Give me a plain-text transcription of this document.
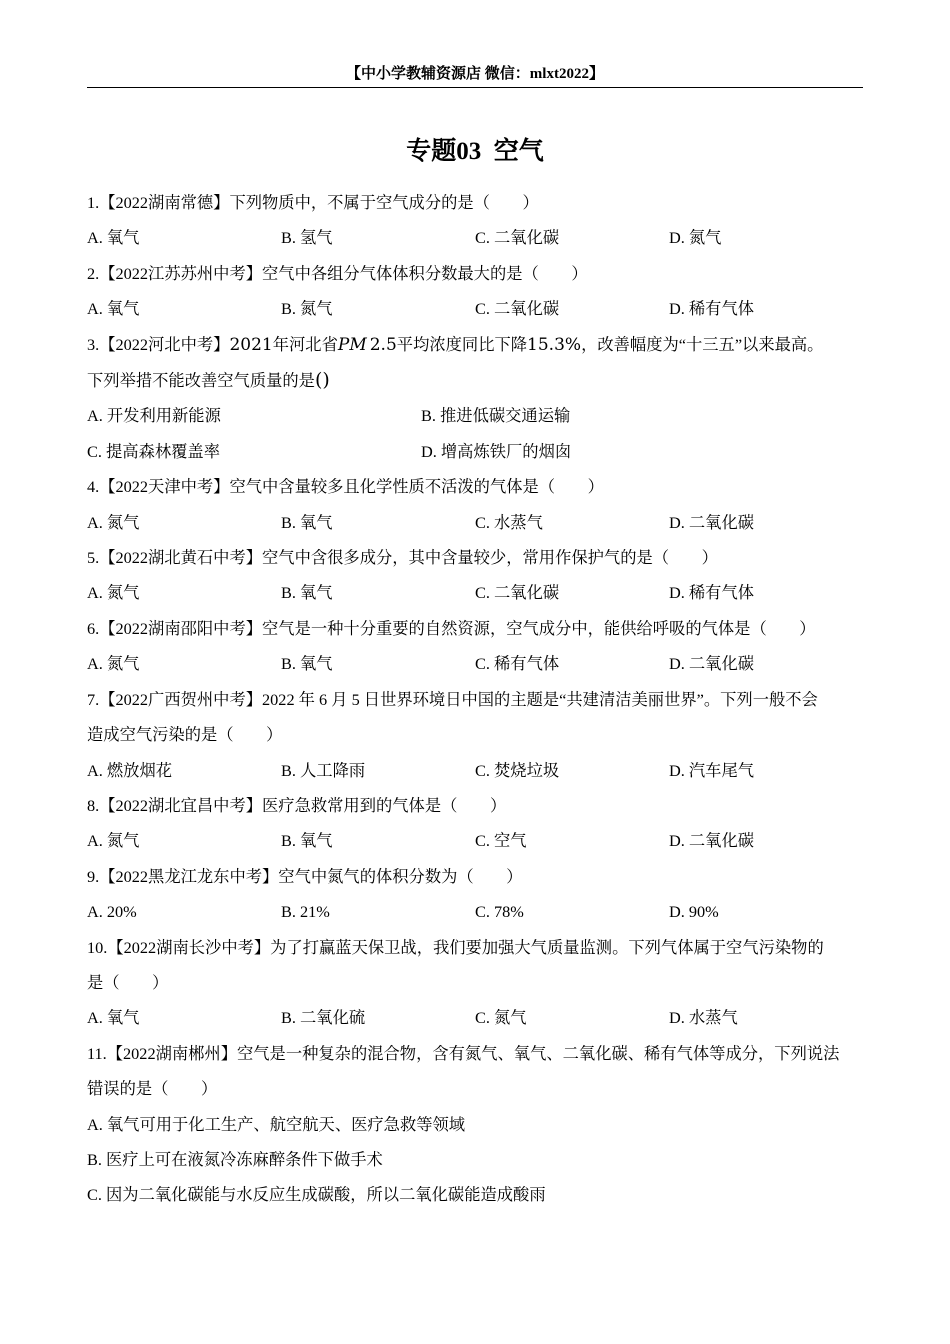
【中小学教辅资源店 微信：mlxt2022】
专题03  空气
1.【2022湖南常德】下列物质中，不属于空气成分的是（　　）
A. 氧气	B. 氢气	C. 二氧化碳	D. 氮气
2.【2022江苏苏州中考】空气中各组分气体体积分数最大的是（　　）
A. 氧气	B. 氮气	C. 二氧化碳	D. 稀有气体
3.【2022河北中考】2021年河北省PM 2.5平均浓度同比下降15.3%，改善幅度为“十三五”以来最高。
下列举措不能改善空气质量的是()
A. 开发利用新能源	B. 推进低碳交通运输
C. 提高森林覆盖率	D. 增高炼铁厂的烟囱
4.【2022天津中考】空气中含量较多且化学性质不活泼的气体是（　　）
A. 氮气	B. 氧气	C. 水蒸气	D. 二氧化碳
5.【2022湖北黄石中考】空气中含很多成分，其中含量较少，常用作保护气的是（　　）
A. 氮气	B. 氧气	C. 二氧化碳	D. 稀有气体
6.【2022湖南邵阳中考】空气是一种十分重要的自然资源，空气成分中，能供给呼吸的气体是（　　）
A. 氮气	B. 氧气	C. 稀有气体	D. 二氧化碳
7.【2022广西贺州中考】2022 年 6 月 5 日世界环境日中国的主题是“共建清洁美丽世界”。下列一般不会
造成空气污染的是（　　）
A. 燃放烟花	B. 人工降雨	C. 焚烧垃圾	D. 汽车尾气
8.【2022湖北宜昌中考】医疗急救常用到的气体是（　　）
A. 氮气	B. 氧气	C. 空气	D. 二氧化碳
9.【2022黑龙江龙东中考】空气中氮气的体积分数为（　　）
A. 20%	B. 21%	C. 78%	D. 90%
10.【2022湖南长沙中考】为了打赢蓝天保卫战，我们要加强大气质量监测。下列气体属于空气污染物的
是（　　）
A. 氧气	B. 二氧化硫	C. 氮气	D. 水蒸气
11.【2022湖南郴州】空气是一种复杂的混合物，含有氮气、氧气、二氧化碳、稀有气体等成分，下列说法
错误的是（　　）
A. 氧气可用于化工生产、航空航天、医疗急救等领域
B. 医疗上可在液氮冷冻麻醉条件下做手术
C. 因为二氧化碳能与水反应生成碳酸，所以二氧化碳能造成酸雨
